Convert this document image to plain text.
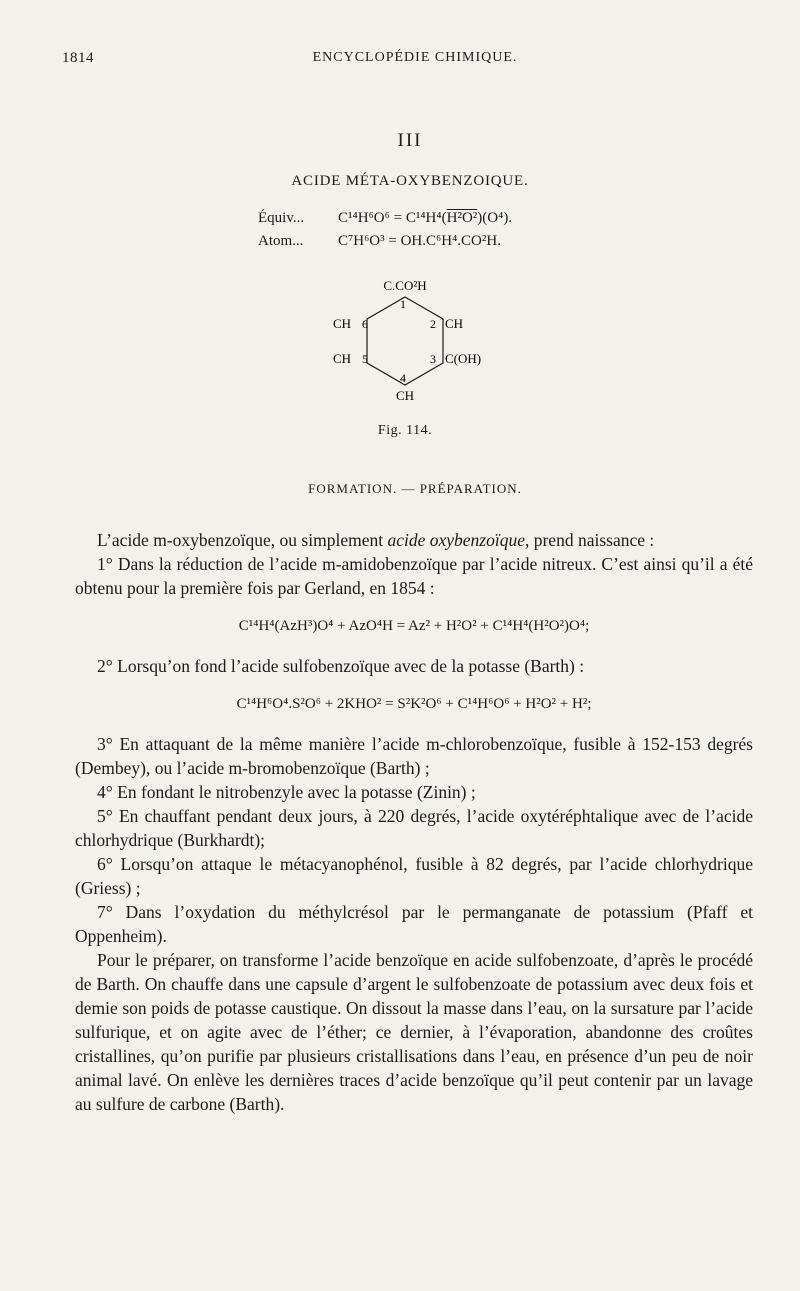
1814	ENCYCLOPÉDIE CHIMIQUE.
III
ACIDE MÉTA-OXYBENZOIQUE.
Équiv... C¹⁴H⁶O⁶ = C¹⁴H⁴(H²O²)(O⁴).
Atom... C⁷H⁶O³ = OH.C⁶H⁴.CO²H.
C.CO²H
1
CH 6	2 CH
CH 5	3 C(OH)
4
CH
Fig. 114.
FORMATION. — PRÉPARATION.

L’acide m-oxybenzoïque, ou simplement acide oxybenzoïque, prend naissance :

1° Dans la réduction de l’acide m-amidobenzoïque par l’acide nitreux. C’est ainsi qu’il a été obtenu pour la première fois par Gerland, en 1854 :

C¹⁴H⁴(AzH³)O⁴ + AzO⁴H = Az² + H²O² + C¹⁴H⁴(H²O²)O⁴;

2° Lorsqu’on fond l’acide sulfobenzoïque avec de la potasse (Barth) :

C¹⁴H⁶O⁴.S²O⁶ + 2KHO² = S²K²O⁶ + C¹⁴H⁶O⁶ + H²O² + H²;

3° En attaquant de la même manière l’acide m-chlorobenzoïque, fusible à 152-153 degrés (Dembey), ou l’acide m-bromobenzoïque (Barth) ;

4° En fondant le nitrobenzyle avec la potasse (Zinin) ;

5° En chauffant pendant deux jours, à 220 degrés, l’acide oxytéréphtalique avec de l’acide chlorhydrique (Burkhardt);

6° Lorsqu’on attaque le métacyanophénol, fusible à 82 degrés, par l’acide chlorhydrique (Griess) ;

7° Dans l’oxydation du méthylcrésol par le permanganate de potassium (Pfaff et Oppenheim).

Pour le préparer, on transforme l’acide benzoïque en acide sulfobenzoate, d’après le procédé de Barth. On chauffe dans une capsule d’argent le sulfobenzoate de potassium avec deux fois et demie son poids de potasse caustique. On dissout la masse dans l’eau, on la sursature par l’acide sulfurique, et on agite avec de l’éther; ce dernier, à l’évaporation, abandonne des croûtes cristallines, qu’on purifie par plusieurs cristallisations dans l’eau, en présence d’un peu de noir animal lavé. On enlève les dernières traces d’acide benzoïque qu’il peut contenir par un lavage au sulfure de carbone (Barth).
